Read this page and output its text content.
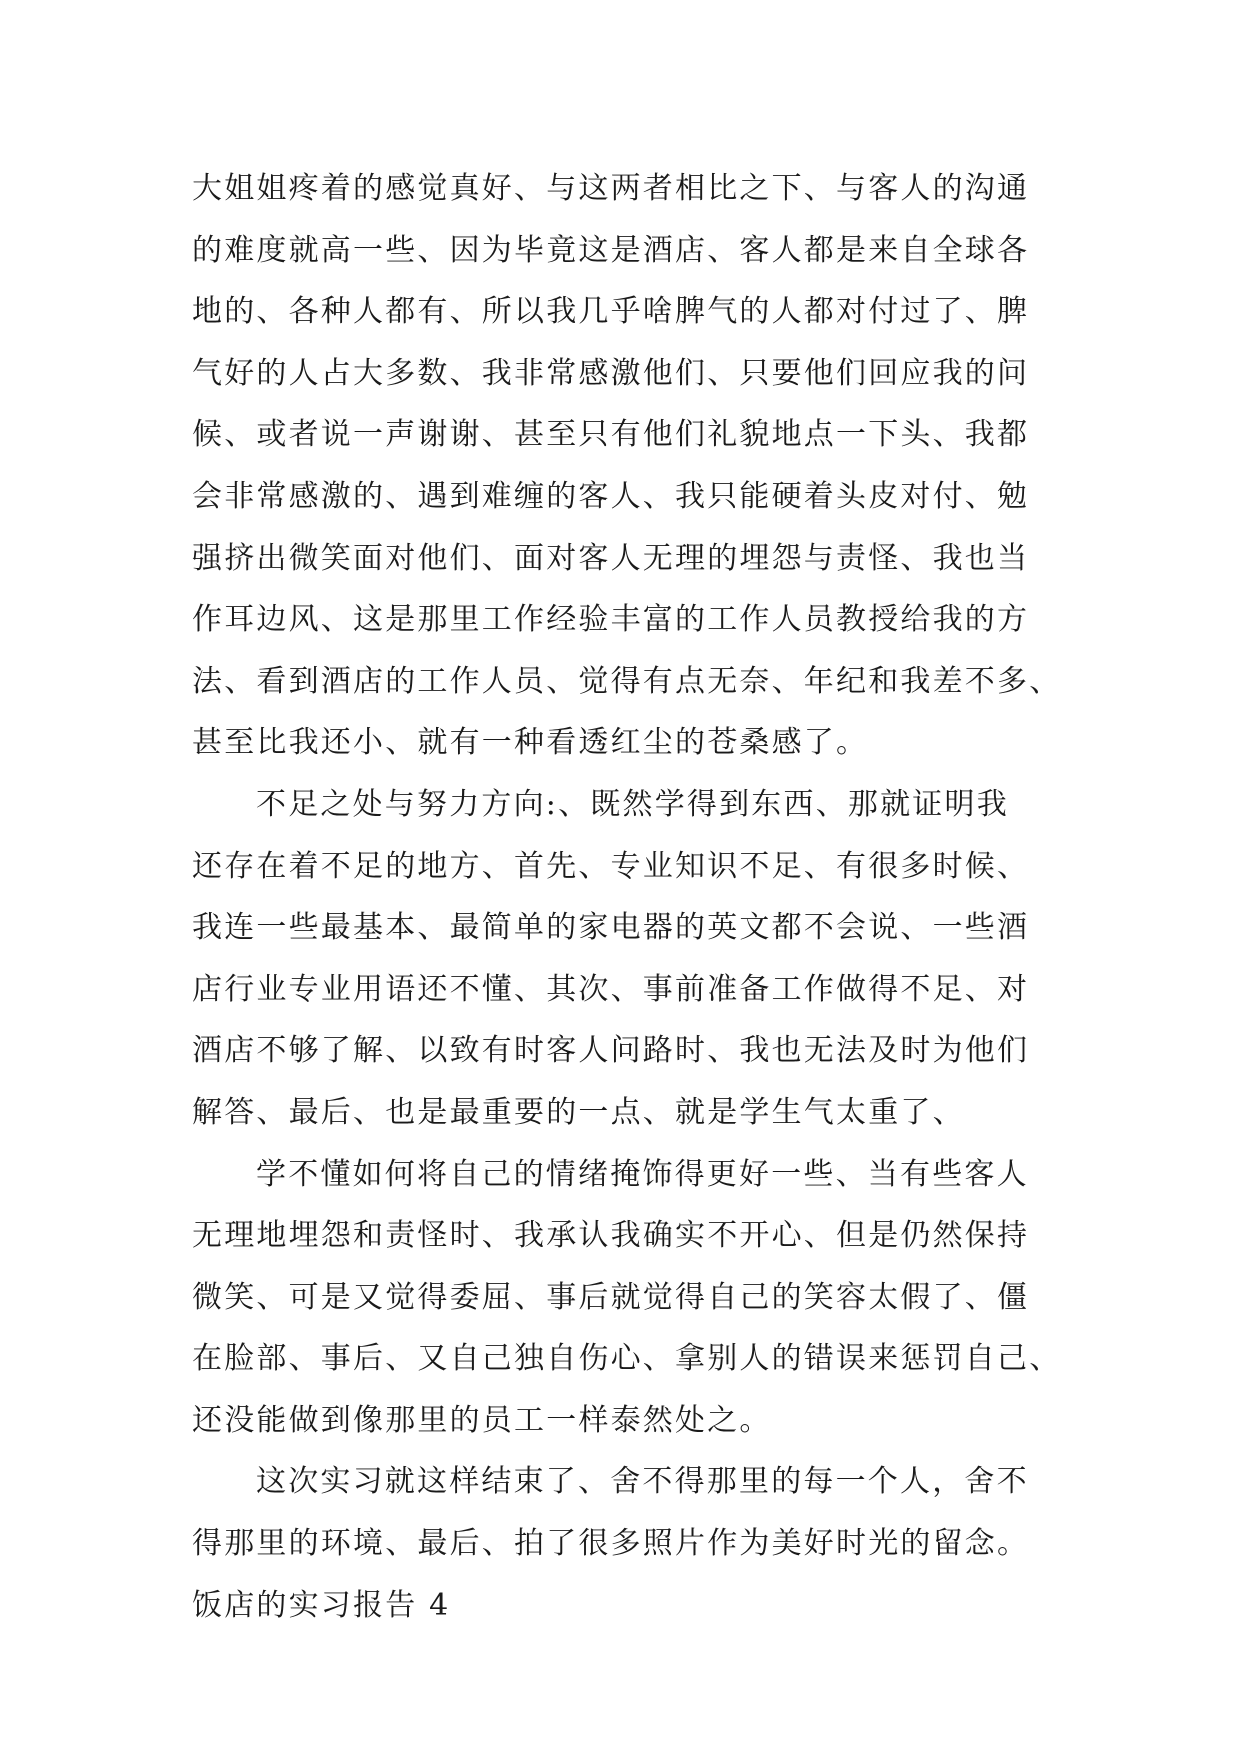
大姐姐疼着的感觉真好、与这两者相比之下、与客人的沟通
的难度就高一些、因为毕竟这是酒店、客人都是来自全球各
地的、各种人都有、所以我几乎啥脾气的人都对付过了、脾
气好的人占大多数、我非常感激他们、只要他们回应我的问
候、或者说一声谢谢、甚至只有他们礼貌地点一下头、我都
会非常感激的、遇到难缠的客人、我只能硬着头皮对付、勉
强挤出微笑面对他们、面对客人无理的埋怨与责怪、我也当
作耳边风、这是那里工作经验丰富的工作人员教授给我的方
法、看到酒店的工作人员、觉得有点无奈、年纪和我差不多、
甚至比我还小、就有一种看透红尘的苍桑感了。
不足之处与努力方向:、既然学得到东西、那就证明我
还存在着不足的地方、首先、专业知识不足、有很多时候、
我连一些最基本、最简单的家电器的英文都不会说、一些酒
店行业专业用语还不懂、其次、事前准备工作做得不足、对
酒店不够了解、以致有时客人问路时、我也无法及时为他们
解答、最后、也是最重要的一点、就是学生气太重了、
学不懂如何将自己的情绪掩饰得更好一些、当有些客人
无理地埋怨和责怪时、我承认我确实不开心、但是仍然保持
微笑、可是又觉得委屈、事后就觉得自己的笑容太假了、僵
在脸部、事后、又自己独自伤心、拿别人的错误来惩罚自己、
还没能做到像那里的员工一样泰然处之。
这次实习就这样结束了、舍不得那里的每一个人，舍不
得那里的环境、最后、拍了很多照片作为美好时光的留念。
饭店的实习报告 4
